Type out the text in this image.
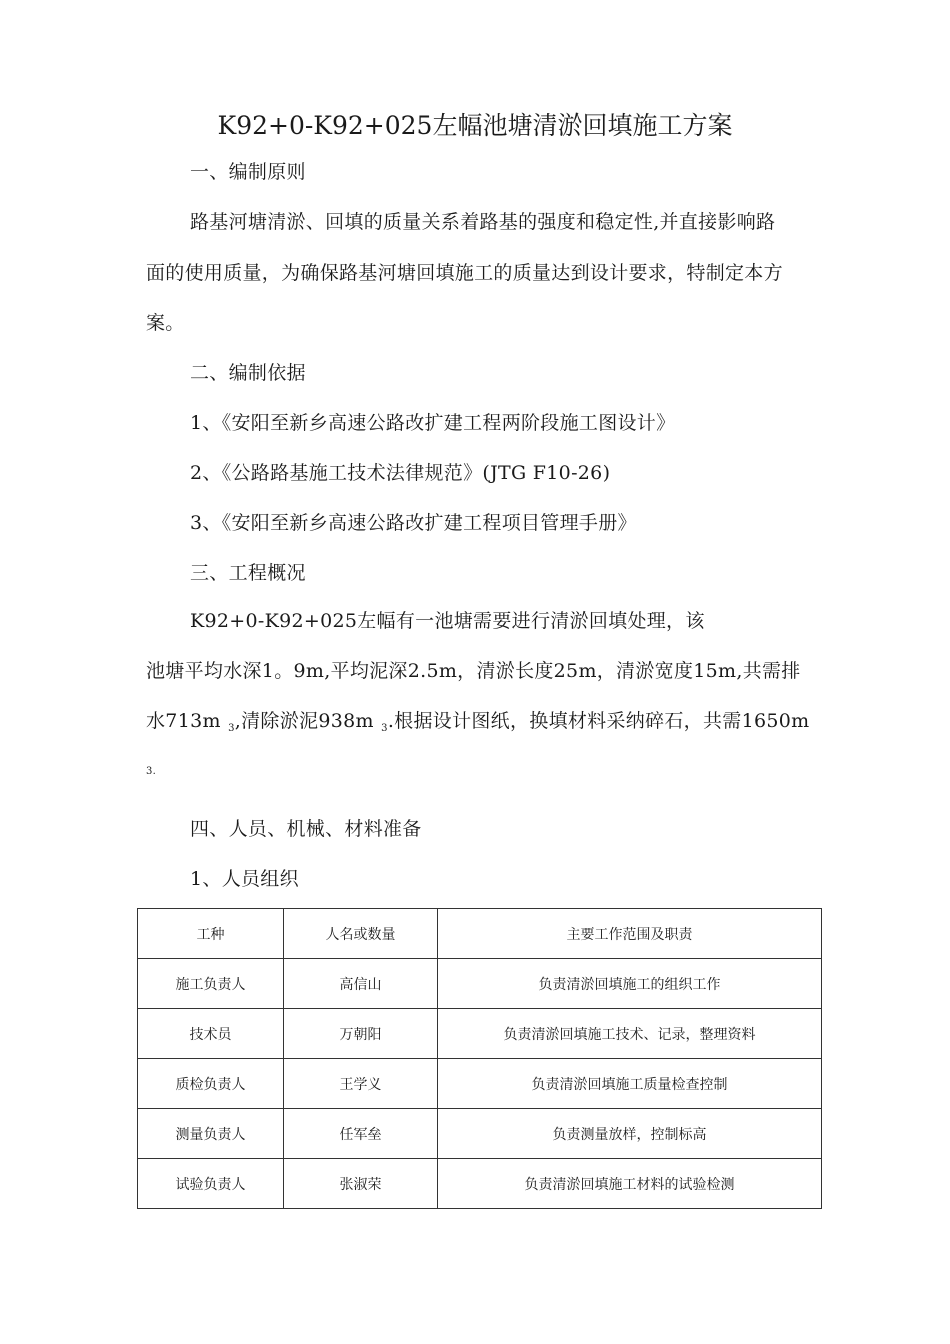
K92+0-K92+025左幅池塘清淤回填施工方案
一、编制原则
路基河塘清淤、回填的质量关系着路基的强度和稳定性,并直接影响路
面的使用质量，为确保路基河塘回填施工的质量达到设计要求，特制定本方
案。
二、编制依据
1、《安阳至新乡高速公路改扩建工程两阶段施工图设计》
2、《公路路基施工技术法律规范》(JTG F10-26)
3、《安阳至新乡高速公路改扩建工程项目管理手册》
三、工程概况
K92+0-K92+025左幅有一池塘需要进行清淤回填处理，该
池塘平均水深1。9m,平均泥深2.5m，清淤长度25m，清淤宽度15m,共需排
水713m $_3$,清除淤泥938m $_3$.根据设计图纸，换填材料采纳碎石，共需1650m
3.
四、人员、机械、材料准备
1、人员组织
工种	人名或数量	主要工作范围及职责
施工负责人	高信山	负责清淤回填施工的组织工作
技术员	万朝阳	负责清淤回填施工技术、记录，整理资料
质检负责人	王学义	负责清淤回填施工质量检查控制
测量负责人	任军垒	负责测量放样，控制标高
试验负责人	张淑荣	负责清淤回填施工材料的试验检测
